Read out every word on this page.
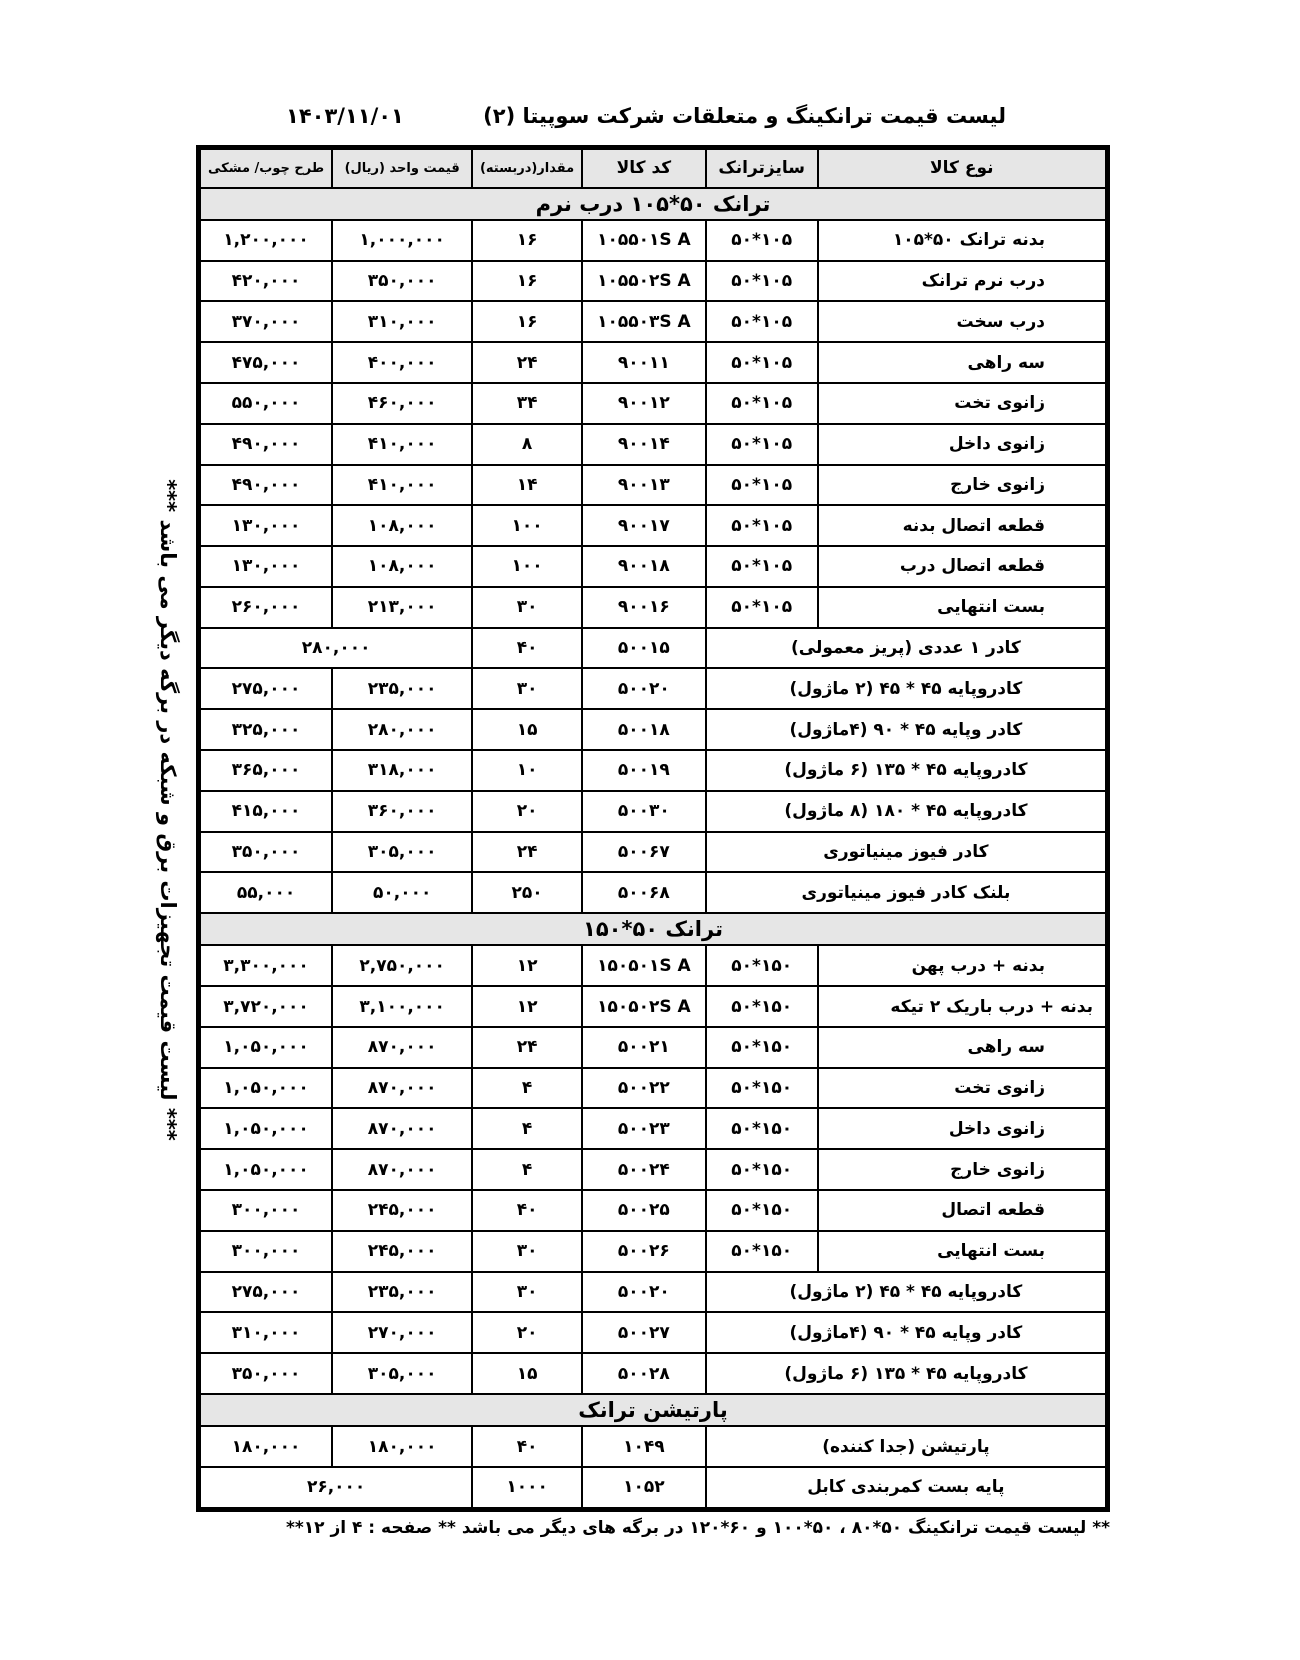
لیست قیمت ترانکینگ و متعلقات شرکت سوپیتا (۲)
۱۴۰۳/۱۱/۰۱
*** لیست قیمت تجهیزات برق و شبکه در برگه دیگر می باشد ***
نوع کالا	سایزترانک	کد کالا	مقدار(دربسته)	قیمت واحد (ریال)	طرح چوب/ مشکی
ترانک ۵۰*۱۰۵ درب نرم					
بدنه ترانک ۵۰*۱۰۵	۱۰۵*۵۰	۱۰۵۵۰۱S A	۱۶	۱,۰۰۰,۰۰۰	۱,۲۰۰,۰۰۰
درب نرم ترانک	۱۰۵*۵۰	۱۰۵۵۰۲S A	۱۶	۳۵۰,۰۰۰	۴۲۰,۰۰۰
درب سخت	۱۰۵*۵۰	۱۰۵۵۰۳S A	۱۶	۳۱۰,۰۰۰	۳۷۰,۰۰۰
سه راهی	۱۰۵*۵۰	۹۰۰۱۱	۲۴	۴۰۰,۰۰۰	۴۷۵,۰۰۰
زانوی تخت	۱۰۵*۵۰	۹۰۰۱۲	۳۴	۴۶۰,۰۰۰	۵۵۰,۰۰۰
زانوی داخل	۱۰۵*۵۰	۹۰۰۱۴	۸	۴۱۰,۰۰۰	۴۹۰,۰۰۰
زانوی خارج	۱۰۵*۵۰	۹۰۰۱۳	۱۴	۴۱۰,۰۰۰	۴۹۰,۰۰۰
قطعه اتصال بدنه	۱۰۵*۵۰	۹۰۰۱۷	۱۰۰	۱۰۸,۰۰۰	۱۳۰,۰۰۰
قطعه اتصال درب	۱۰۵*۵۰	۹۰۰۱۸	۱۰۰	۱۰۸,۰۰۰	۱۳۰,۰۰۰
بست انتهایی	۱۰۵*۵۰	۹۰۰۱۶	۳۰	۲۱۳,۰۰۰	۲۶۰,۰۰۰
کادر ۱ عددی (پریز معمولی)		۵۰۰۱۵	۴۰	۲۸۰,۰۰۰	
کادروپایه ۴۵ * ۴۵ (۲ ماژول)		۵۰۰۲۰	۳۰	۲۳۵,۰۰۰	۲۷۵,۰۰۰
کادر وپایه ۴۵ * ۹۰ (۴ماژول)		۵۰۰۱۸	۱۵	۲۸۰,۰۰۰	۳۲۵,۰۰۰
کادروپایه ۴۵ * ۱۳۵ (۶ ماژول)		۵۰۰۱۹	۱۰	۳۱۸,۰۰۰	۳۶۵,۰۰۰
کادروپایه ۴۵ * ۱۸۰ (۸ ماژول)		۵۰۰۳۰	۲۰	۳۶۰,۰۰۰	۴۱۵,۰۰۰
کادر فیوز مینیاتوری		۵۰۰۶۷	۲۴	۳۰۵,۰۰۰	۳۵۰,۰۰۰
بلنک کادر فیوز مینیاتوری		۵۰۰۶۸	۲۵۰	۵۰,۰۰۰	۵۵,۰۰۰
ترانک ۵۰*۱۵۰					
بدنه + درب پهن	۱۵۰*۵۰	۱۵۰۵۰۱S A	۱۲	۲,۷۵۰,۰۰۰	۳,۳۰۰,۰۰۰
بدنه + درب باریک ۲ تیکه	۱۵۰*۵۰	۱۵۰۵۰۲S A	۱۲	۳,۱۰۰,۰۰۰	۳,۷۲۰,۰۰۰
سه راهی	۱۵۰*۵۰	۵۰۰۲۱	۲۴	۸۷۰,۰۰۰	۱,۰۵۰,۰۰۰
زانوی تخت	۱۵۰*۵۰	۵۰۰۲۲	۴	۸۷۰,۰۰۰	۱,۰۵۰,۰۰۰
زانوی داخل	۱۵۰*۵۰	۵۰۰۲۳	۴	۸۷۰,۰۰۰	۱,۰۵۰,۰۰۰
زانوی خارج	۱۵۰*۵۰	۵۰۰۲۴	۴	۸۷۰,۰۰۰	۱,۰۵۰,۰۰۰
قطعه اتصال	۱۵۰*۵۰	۵۰۰۲۵	۴۰	۲۴۵,۰۰۰	۳۰۰,۰۰۰
بست انتهایی	۱۵۰*۵۰	۵۰۰۲۶	۳۰	۲۴۵,۰۰۰	۳۰۰,۰۰۰
کادروپایه ۴۵ * ۴۵ (۲ ماژول)		۵۰۰۲۰	۳۰	۲۳۵,۰۰۰	۲۷۵,۰۰۰
کادر وپایه ۴۵ * ۹۰ (۴ماژول)		۵۰۰۲۷	۲۰	۲۷۰,۰۰۰	۳۱۰,۰۰۰
کادروپایه ۴۵ * ۱۳۵ (۶ ماژول)		۵۰۰۲۸	۱۵	۳۰۵,۰۰۰	۳۵۰,۰۰۰
پارتیشن ترانک					
پارتیشن (جدا کننده)		۱۰۴۹	۴۰	۱۸۰,۰۰۰	۱۸۰,۰۰۰
پایه بست کمربندی کابل		۱۰۵۲	۱۰۰۰	۲۶,۰۰۰	
** لیست قیمت ترانکینگ ۵۰*۸۰ ، ۵۰*۱۰۰ و ۶۰*۱۲۰ در برگه های دیگر می باشد ** صفحه : ۴ از ۱۲**
